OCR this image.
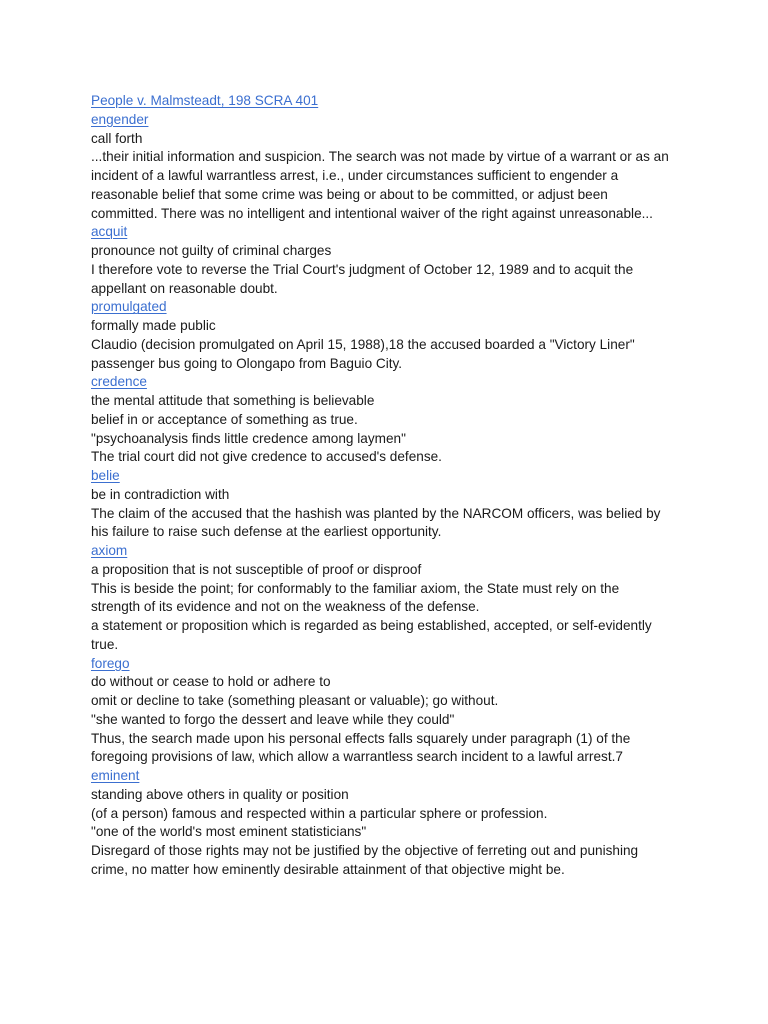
People v. Malmsteadt, 198 SCRA 401
engender
call forth
...their initial information and suspicion. The search was not made by virtue of a warrant or as an
incident of a lawful warrantless arrest, i.e., under circumstances sufficient to engender a
reasonable belief that some crime was being or about to be committed, or adjust been
committed. There was no intelligent and intentional waiver of the right against unreasonable...
acquit
pronounce not guilty of criminal charges
I therefore vote to reverse the Trial Court's judgment of October 12, 1989 and to acquit the
appellant on reasonable doubt.
promulgated
formally made public
Claudio (decision promulgated on April 15, 1988),18 the accused boarded a "Victory Liner"
passenger bus going to Olongapo from Baguio City.
credence
the mental attitude that something is believable
belief in or acceptance of something as true.
"psychoanalysis finds little credence among laymen"
The trial court did not give credence to accused's defense.
belie
be in contradiction with
The claim of the accused that the hashish was planted by the NARCOM officers, was belied by
his failure to raise such defense at the earliest opportunity.
axiom
a proposition that is not susceptible of proof or disproof
This is beside the point; for conformably to the familiar axiom, the State must rely on the
strength of its evidence and not on the weakness of the defense.
a statement or proposition which is regarded as being established, accepted, or self-evidently
true.
forego
do without or cease to hold or adhere to
omit or decline to take (something pleasant or valuable); go without.
"she wanted to forgo the dessert and leave while they could"
Thus, the search made upon his personal effects falls squarely under paragraph (1) of the
foregoing provisions of law, which allow a warrantless search incident to a lawful arrest.7
eminent
standing above others in quality or position
(of a person) famous and respected within a particular sphere or profession.
"one of the world's most eminent statisticians"
Disregard of those rights may not be justified by the objective of ferreting out and punishing
crime, no matter how eminently desirable attainment of that objective might be.
